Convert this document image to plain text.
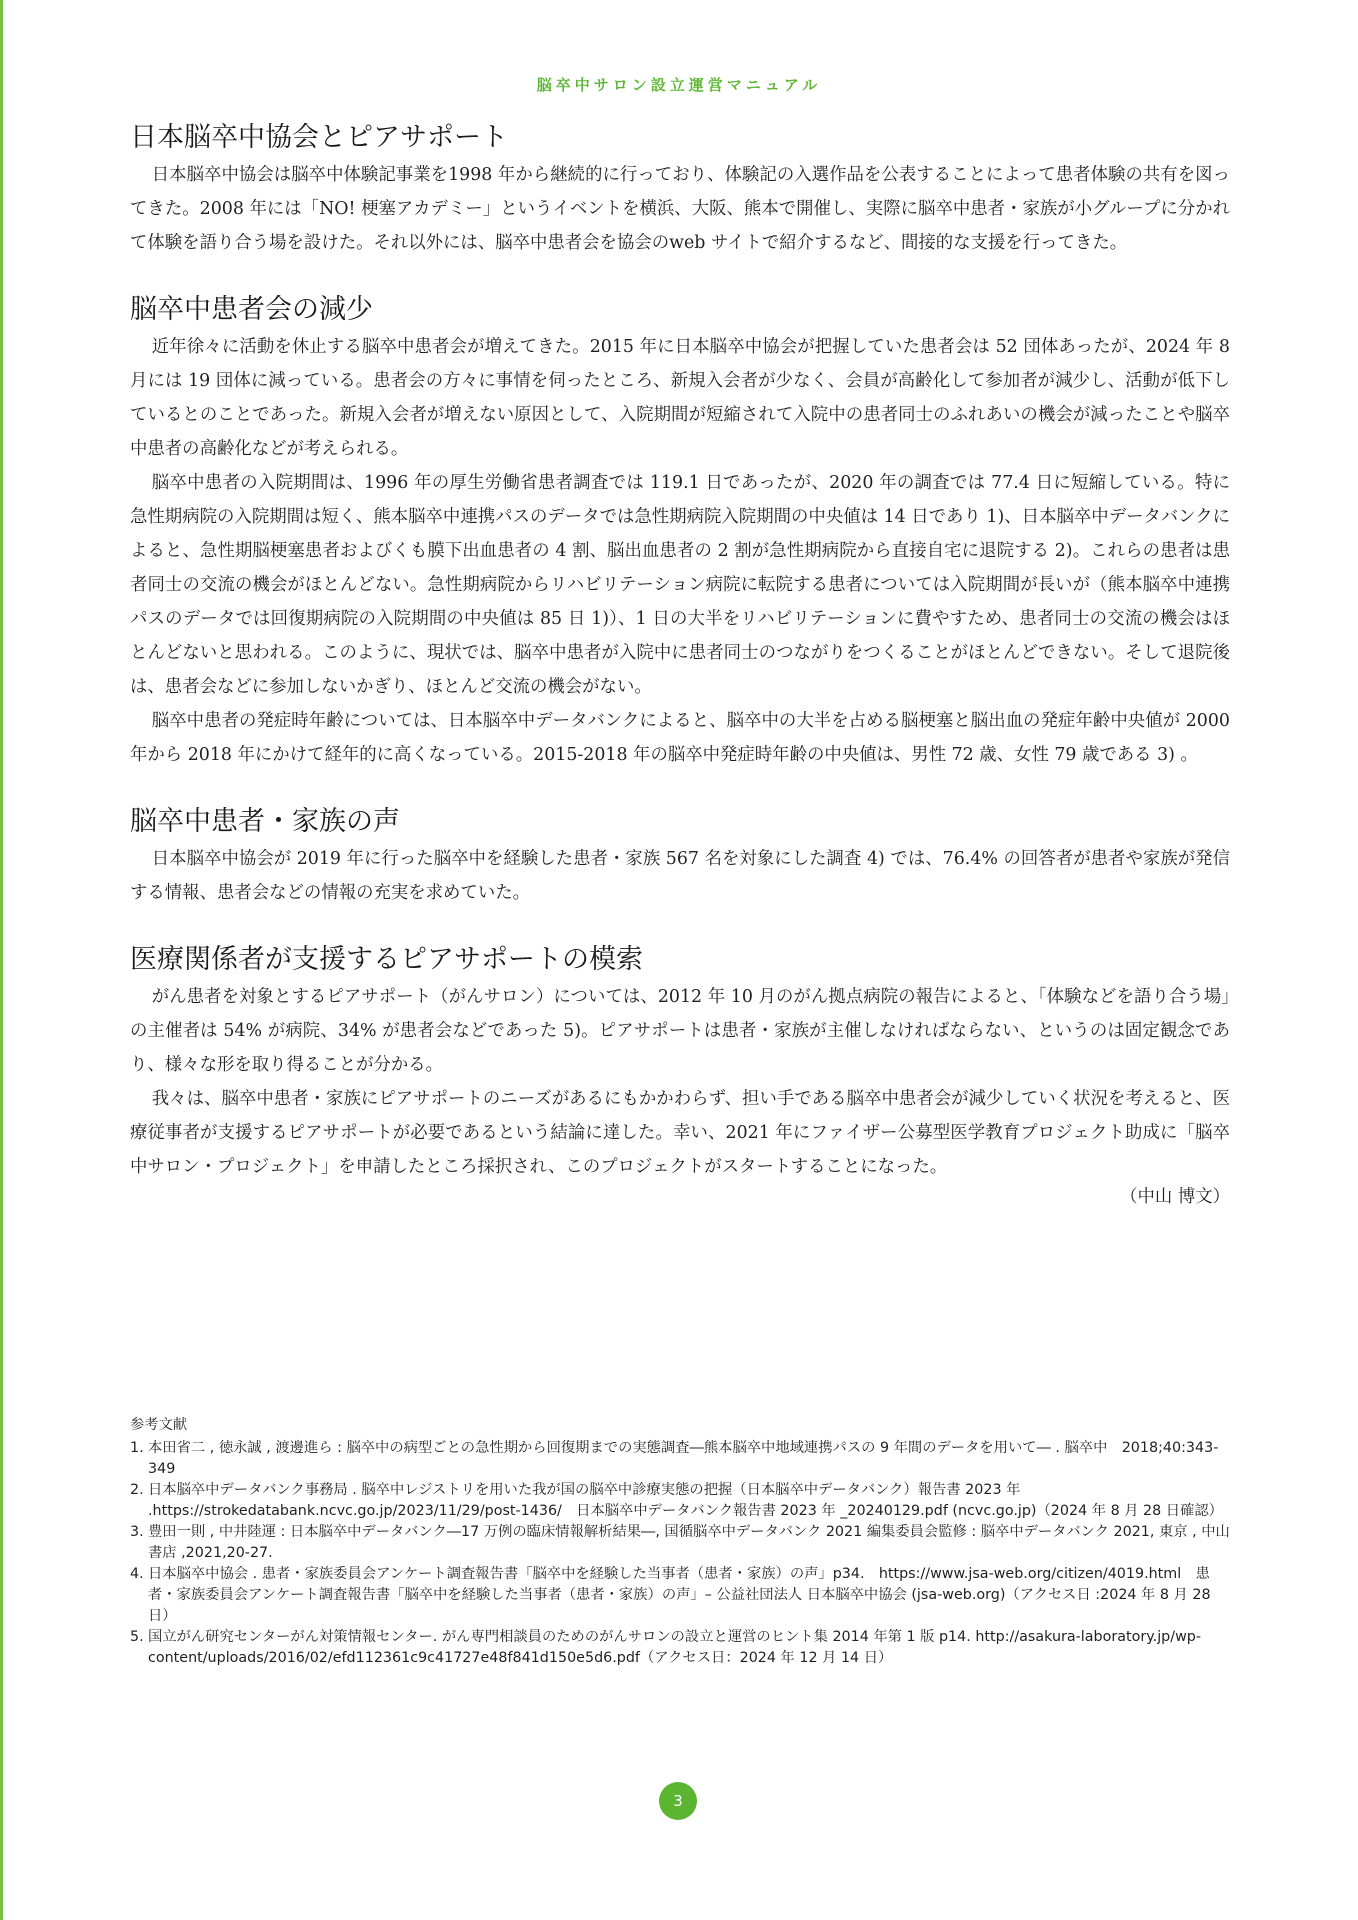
脳卒中サロン設立運営マニュアル
日本脳卒中協会とピアサポート

日本脳卒中協会は脳卒中体験記事業を1998 年から継続的に行っており、体験記の入選作品を公表することによって患者体験の共有を図ってきた。2008 年には「NO! 梗塞アカデミー」というイベントを横浜、大阪、熊本で開催し、実際に脳卒中患者・家族が小グループに分かれて体験を語り合う場を設けた。それ以外には、脳卒中患者会を協会のweb サイトで紹介するなど、間接的な支援を行ってきた。

脳卒中患者会の減少

近年徐々に活動を休止する脳卒中患者会が増えてきた。2015 年に日本脳卒中協会が把握していた患者会は 52 団体あったが、2024 年 8 月には 19 団体に減っている。患者会の方々に事情を伺ったところ、新規入会者が少なく、会員が高齢化して参加者が減少し、活動が低下しているとのことであった。新規入会者が増えない原因として、入院期間が短縮されて入院中の患者同士のふれあいの機会が減ったことや脳卒中患者の高齢化などが考えられる。

脳卒中患者の入院期間は、1996 年の厚生労働省患者調査では 119.1 日であったが、2020 年の調査では 77.4 日に短縮している。特に急性期病院の入院期間は短く、熊本脳卒中連携パスのデータでは急性期病院入院期間の中央値は 14 日であり 1)、日本脳卒中データバンクによると、急性期脳梗塞患者およびくも膜下出血患者の 4 割、脳出血患者の 2 割が急性期病院から直接自宅に退院する 2)。これらの患者は患者同士の交流の機会がほとんどない。急性期病院からリハビリテーション病院に転院する患者については入院期間が長いが（熊本脳卒中連携パスのデータでは回復期病院の入院期間の中央値は 85 日 1)）、1 日の大半をリハビリテーションに費やすため、患者同士の交流の機会はほとんどないと思われる。このように、現状では、脳卒中患者が入院中に患者同士のつながりをつくることがほとんどできない。そして退院後は、患者会などに参加しないかぎり、ほとんど交流の機会がない。

脳卒中患者の発症時年齢については、日本脳卒中データバンクによると、脳卒中の大半を占める脳梗塞と脳出血の発症年齢中央値が 2000 年から 2018 年にかけて経年的に高くなっている。2015-2018 年の脳卒中発症時年齢の中央値は、男性 72 歳、女性 79 歳である 3) 。

脳卒中患者・家族の声

日本脳卒中協会が 2019 年に行った脳卒中を経験した患者・家族 567 名を対象にした調査 4) では、76.4% の回答者が患者や家族が発信する情報、患者会などの情報の充実を求めていた。

医療関係者が支援するピアサポートの模索

がん患者を対象とするピアサポート（がんサロン）については、2012 年 10 月のがん拠点病院の報告によると、「体験などを語り合う場」の主催者は 54% が病院、34% が患者会などであった 5)。ピアサポートは患者・家族が主催しなければならない、というのは固定観念であり、様々な形を取り得ることが分かる。

我々は、脳卒中患者・家族にピアサポートのニーズがあるにもかかわらず、担い手である脳卒中患者会が減少していく状況を考えると、医療従事者が支援するピアサポートが必要であるという結論に達した。幸い、2021 年にファイザー公募型医学教育プロジェクト助成に「脳卒中サロン・プロジェクト」を申請したところ採択され、このプロジェクトがスタートすることになった。

（中山 博文）
参考文献
1. 本田省二 , 徳永誠 , 渡邊進ら : 脳卒中の病型ごとの急性期から回復期までの実態調査―熊本脳卒中地域連携パスの 9 年間のデータを用いて― . 脳卒中　2018;40:343-349
2. 日本脳卒中データバンク事務局 . 脳卒中レジストリを用いた我が国の脳卒中診療実態の把握（日本脳卒中データバンク）報告書 2023 年 .https://strokedatabank.ncvc.go.jp/2023/11/29/post-1436/　日本脳卒中データバンク報告書 2023 年 _20240129.pdf (ncvc.go.jp)（2024 年 8 月 28 日確認）
3. 豊田一則 , 中井陸運 : 日本脳卒中データバンク―17 万例の臨床情報解析結果―, 国循脳卒中データバンク 2021 編集委員会監修 : 脳卒中データバンク 2021, 東京 , 中山書店 ,2021,20-27.
4. 日本脳卒中協会 . 患者・家族委員会アンケート調査報告書「脳卒中を経験した当事者（患者・家族）の声」p34.　https://www.jsa-web.org/citizen/4019.html　患者・家族委員会アンケート調査報告書「脳卒中を経験した当事者（患者・家族）の声」– 公益社団法人 日本脳卒中協会 (jsa-web.org)（アクセス日 :2024 年 8 月 28 日）
5. 国立がん研究センターがん対策情報センター. がん専門相談員のためのがんサロンの設立と運営のヒント集 2014 年第 1 版 p14. http://asakura-laboratory.jp/wp-content/uploads/2016/02/efd112361c9c41727e48f841d150e5d6.pdf（アクセス日：2024 年 12 月 14 日）
3
